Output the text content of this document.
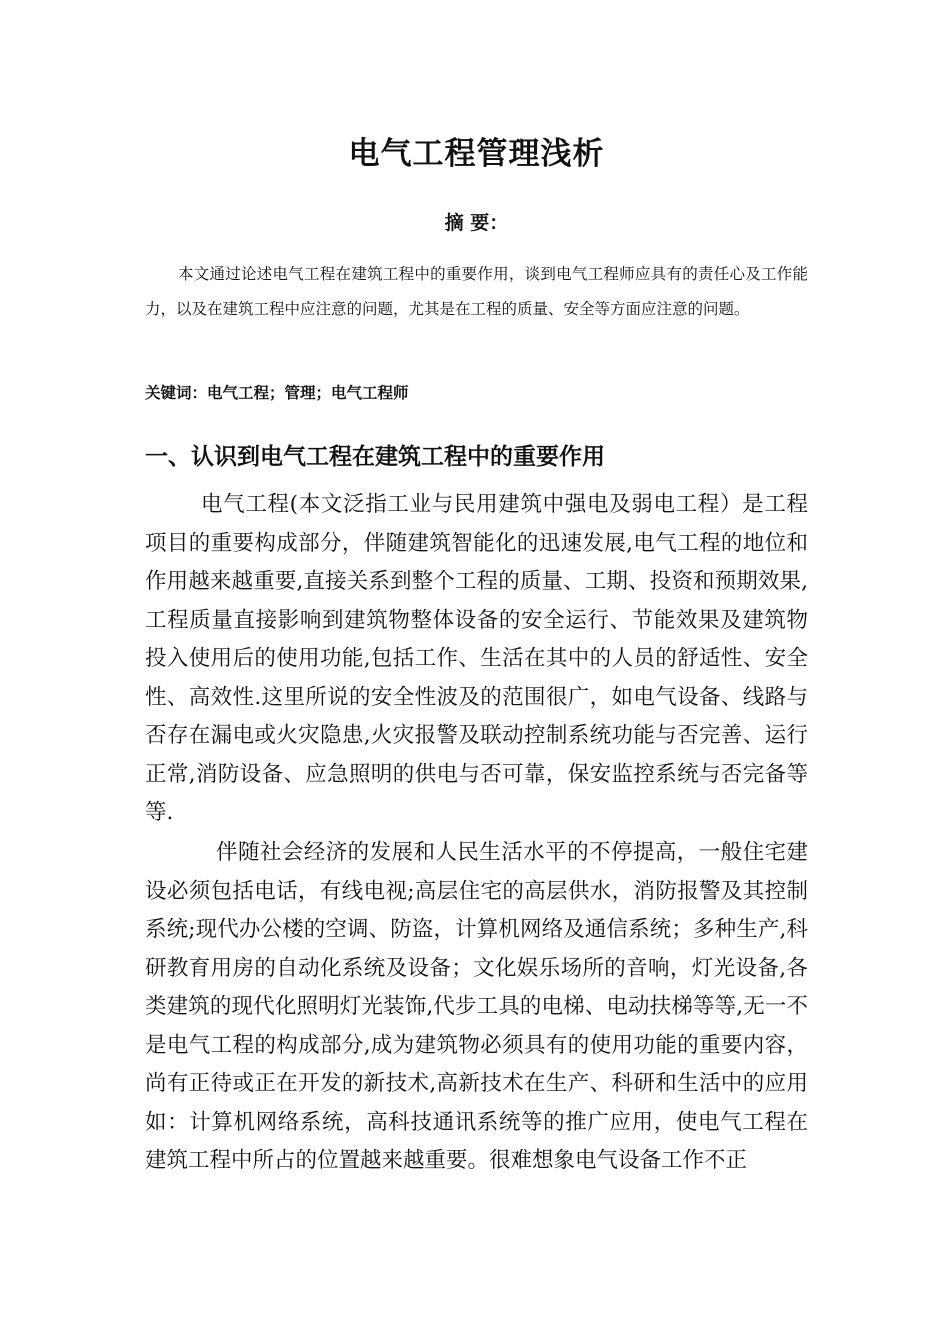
电气工程管理浅析
摘 要：

本文通过论述电气工程在建筑工程中的重要作用，谈到电气工程师应具有的责任心及工作能力，以及在建筑工程中应注意的问题，尤其是在工程的质量、安全等方面应注意的问题。

关键词：电气工程；管理；电气工程师

一、认识到电气工程在建筑工程中的重要作用

电气工程(本文泛指工业与民用建筑中强电及弱电工程）是工程项目的重要构成部分，伴随建筑智能化的迅速发展,电气工程的地位和作用越来越重要,直接关系到整个工程的质量、工期、投资和预期效果,工程质量直接影响到建筑物整体设备的安全运行、节能效果及建筑物投入使用后的使用功能,包括工作、生活在其中的人员的舒适性、安全性、高效性.这里所说的安全性波及的范围很广，如电气设备、线路与否存在漏电或火灾隐患,火灾报警及联动控制系统功能与否完善、运行正常,消防设备、应急照明的供电与否可靠，保安监控系统与否完备等等.

伴随社会经济的发展和人民生活水平的不停提高，一般住宅建设必须包括电话，有线电视;高层住宅的高层供水，消防报警及其控制系统;现代办公楼的空调、防盗，计算机网络及通信系统；多种生产,科研教育用房的自动化系统及设备；文化娱乐场所的音响，灯光设备,各类建筑的现代化照明灯光装饰,代步工具的电梯、电动扶梯等等,无一不是电气工程的构成部分,成为建筑物必须具有的使用功能的重要内容，尚有正待或正在开发的新技术,高新技术在生产、科研和生活中的应用如：计算机网络系统，高科技通讯系统等的推广应用，使电气工程在建筑工程中所占的位置越来越重要。很难想象电气设备工作不正
